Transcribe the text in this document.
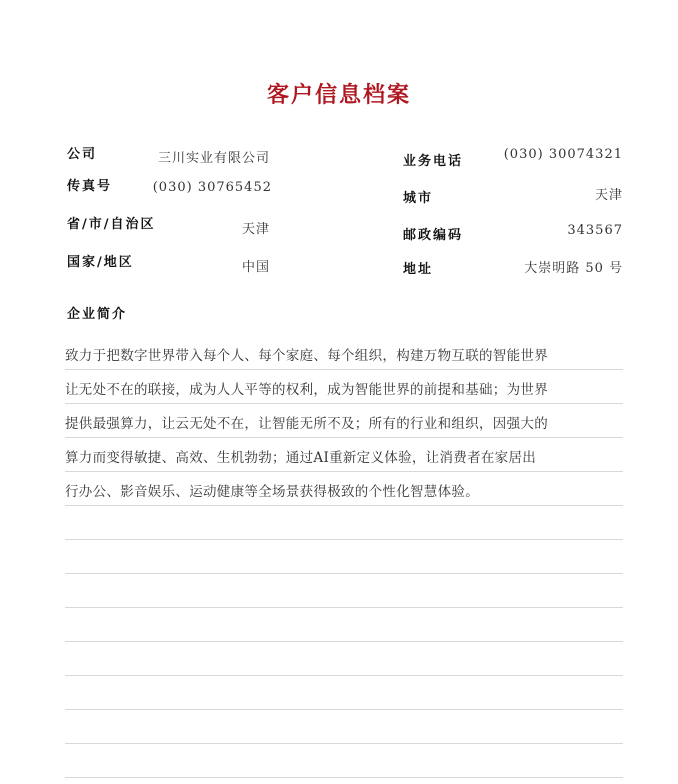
客户信息档案
公司	三川实业有限公司
传真号	(030) 30765452
省/市/自治区	天津
国家/地区	中国
业务电话	(030) 30074321
城市	天津
邮政编码	343567
地址	大崇明路 50 号
企业简介
致力于把数字世界带入每个人、每个家庭、每个组织，构建万物互联的智能世界
让无处不在的联接，成为人人平等的权利，成为智能世界的前提和基础；为世界
提供最强算力，让云无处不在，让智能无所不及；所有的行业和组织，因强大的
算力而变得敏捷、高效、生机勃勃；通过AI重新定义体验，让消费者在家居出
行办公、影音娱乐、运动健康等全场景获得极致的个性化智慧体验。
